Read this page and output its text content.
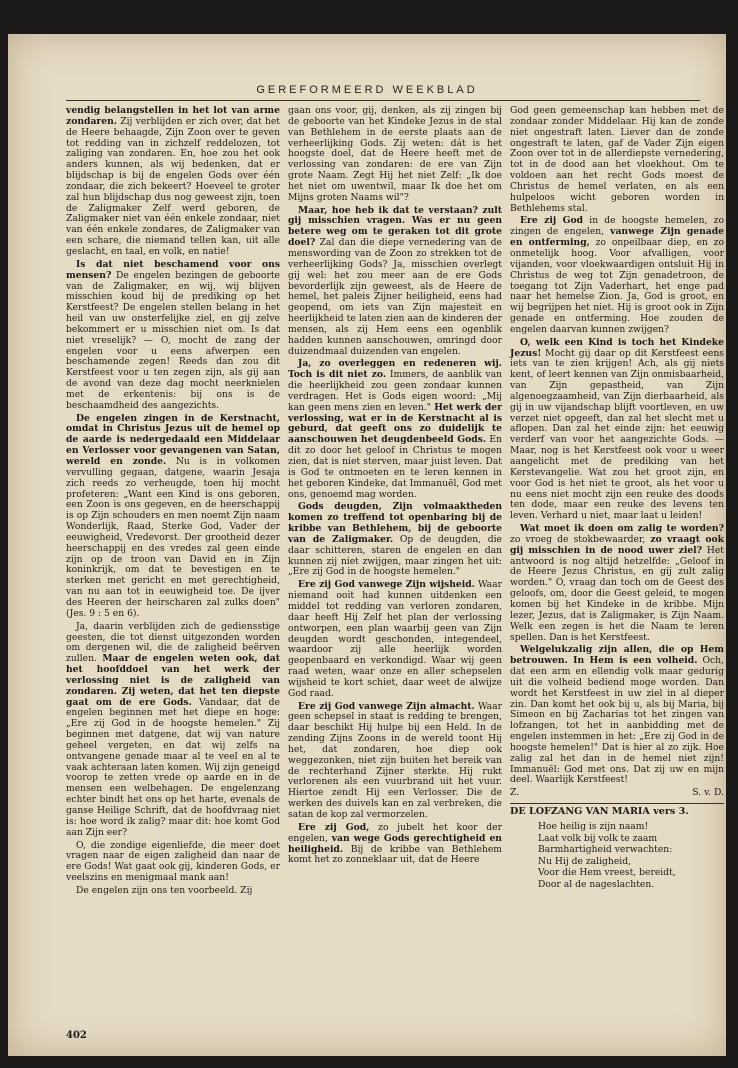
GEREFORMEERD WEEKBLAD

vendig belangstellen in het lot van arme zondaren. Zij verblijden er zich over, dat het de Heere behaagde, Zijn Zoon over te geven tot redding van in zichzelf reddelozen, tot zaliging van zondaren. En, hoe zou het ook anders kunnen, als wij bedenken, dat er blijdschap is bij de engelen Gods over één zondaar, die zich bekeert? Hoeveel te groter zal hun blijdschap dus nog geweest zijn, toen de Zaligmaker Zelf werd geboren, de Zaligmaker niet van één enkele zondaar, niet van één enkele zondares, de Zaligmaker van een schare, die niemand tellen kan, uit alle geslacht, en taal, en volk, en natie!

Is dat niet beschamend voor ons mensen? De engelen bezingen de geboorte van de Zaligmaker, en wij, wij blijven misschien koud bij de prediking op het Kerstfeest? De engelen stellen belang in het heil van uw onsterfelijke ziel, en gij zelve bekommert er u misschien niet om. Is dat niet vreselijk? — O, mocht de zang der engelen voor u eens afwerpen een beschamende zegen! Reeds dan zou dit Kerstfeest voor u ten zegen zijn, als gij aan de avond van deze dag mocht neerknielen met de erkentenis: bij ons is de beschaamdheid des aangezichts.

De engelen zingen in de Kerstnacht, omdat in Christus Jezus uit de hemel op de aarde is nedergedaald een Middelaar en Verlosser voor gevangenen van Satan, wereld en zonde. Nu is in volkomen vervulling gegaan, datgene, waarin Jesaja zich reeds zo verheugde, toen hij mocht profeteren: „Want een Kind is ons geboren, een Zoon is ons gegeven, en de heerschappij is op Zijn schouders en men noemt Zijn naam Wonderlijk, Raad, Sterke God, Vader der eeuwigheid, Vredevorst. Der grootheid dezer heerschappij en des vredes zal geen einde zijn op de troon van David en in Zijn koninkrijk, om dat te bevestigen en te sterken met gericht en met gerechtigheid, van nu aan tot in eeuwigheid toe. De ijver des Heeren der heirscharen zal zulks doen" (Jes. 9 : 5 en 6).

Ja, daarin verblijden zich de gediensstige geesten, die tot dienst uitgezonden worden om dergenen wil, die de zaligheid beërven zullen. Maar de engelen weten ook, dat het hoofddoel van het werk der verlossing niet is de zaligheid van zondaren. Zij weten, dat het ten diepste gaat om de ere Gods. Vandaar, dat de engelen beginnen met het diepe en hoge: „Ere zij God in de hoogste hemelen." Zij beginnen met datgene, dat wij van nature geheel vergeten, en dat wij zelfs na ontvangene genade maar al te veel en al te vaak achteraan laten komen. Wij zijn geneigd vooroр te zetten vrede op aarde en in de mensen een welbehagen. De engelenzang echter bindt het ons op het harte, evenals de ganse Heilige Schrift, dat de hoofdvraag niet is: hoe word ik zalig? maar dit: hoe komt God aan Zijn eer?

O, die zondige eigenliefde, die meer doet vragen naar de eigen zaligheid dan naar de ere Gods! Wat gaat ook gij, kinderen Gods, er veelszins en menigmaal mank aan!

De engelen zijn ons ten voorbeeld. Zij

gaan ons voor, gij, denken, als zij zingen bij de geboorte van het Kindeke Jezus in de stal van Bethlehem in de eerste plaats aan de verheerlijking Gods. Zij weten: dát is het hoogste doel, dat de Heere heeft met de verlossing van zondaren: de ere van Zijn grote Naam. Zegt Hij het niet Zelf: „Ik doe het niet om uwentwil, maar Ik doe het om Mijns groten Naams wil"?

Maar, hoe heb ik dat te verstaan? zult gij misschien vragen. Was er nu geen betere weg om te geraken tot dit grote doel? Zal dan die diepe vernedering van de menswording van de Zoon zo strekken tot de verheerlijking Gods? Ja, misschien overlegt gij wel: het zou meer aan de ere Gods bevorderlijk zijn geweest, als de Heere de hemel, het paleis Zijner heiligheid, eens had geopend, om iets van Zijn majesteit en heerlijkheid te laten zien aan de kinderen der mensen, als zij Hem eens een ogenblik hadden kunnen aanschouwen, omringd door duizendmaal duizenden van engelen.

Ja, zo overleggen en redeneren wij. Toch is dit niet zo. Immers, de aanblik van die heerlijkheid zou geen zondaar kunnen verdragen. Het is Gods eigen woord: „Mij kan geen mens zien en leven." Het werk der verlossing, wat er in de Kerstnacht al is geburd, dat geeft ons zo duidelijk te aanschouwen het deugdenbeeld Gods. En dit zo door het geloof in Christus te mogen zien, dat is niet sterven, maar juist leven. Dat is God te ontmoeten en te leren kennen in het geboren Kindeke, dat Immanuël, God met ons, genoemd mag worden.

Gods deugden, Zijn volmaaktheden komen zo treffend tot openbaring bij de kribbe van Bethlehem, bij de geboorte van de Zaligmaker. Op de deugden, die daar schitteren, staren de engelen en dan kunnen zij niet zwijgen, maar zingen het uit: „Ere zij God in de hoogste hemelen."

Ere zij God vanwege Zijn wijsheid. Waar niemand ooit had kunnen uitdenken een middel tot redding van verloren zondaren, daar heeft Hij Zelf het plan der verlossing ontworpen, een plan waarbij geen van Zijn deugden wordt geschonden, integendeel, waardoor zij alle heerlijk worden geopenbaard en verkondigd. Waar wij geen raad weten, waar onze en aller schepselen wijsheid te kort schiet, daar weet de alwijze God raad.

Ere zij God vanwege Zijn almacht. Waar geen schepsel in staat is redding te brengen, daar beschikt Hij hulpe bij een Held. In de zending Zijns Zoons in de wereld toont Hij het, dat zondaren, hoe diep ook weggezonken, niet zijn buiten het bereik van de rechterhand Zijner sterkte. Hij rukt verlorenen als een vuurbrand uit het vuur. Hiertoe zendt Hij een Verlosser. Die de werken des duivels kan en zal verbreken, die satan de kop zal vermorzelen.

Ere zij God, zo jubelt het koor der engelen, van wege Gods gerechtigheid en heiligheid. Bij de kribbe van Bethlehem komt het zo zonneklaar uit, dat de Heere

God geen gemeenschap kan hebben met de zondaar zonder Middelaar. Hij kan de zonde niet ongestraft laten. Liever dan de zonde ongestraft te laten, gaf de Vader Zijn eigen Zoon over tot in de allerdiepste vernedering, tot in de dood aan het vloekhout. Om te voldoen aan het recht Gods moest de Christus de hemel verlaten, en als een hulpeloos wicht geboren worden in Bethlehems stal.

Ere zij God in de hoogste hemelen, zo zingen de engelen, vanwege Zijn genade en ontferming, zo onpeilbaar diep, en zo onmetelijk hoog. Voor afvalligen, voor vijanden, voor vloekwaardigen ontsluit Hij in Christus de weg tot Zijn genadetroon, de toegang tot Zijn Vaderhart, het enge pad naar het hemelse Zion. Ja, God is groot, en wij begrijpen het niet. Hij is groot ook in Zijn genade en ontferming. Hoe zouden de engelen daarvan kunnen zwijgen?

O, welk een Kind is toch het Kindeke Jezus! Mocht gij daar op dit Kerstfeest eens iets van te zien krijgen! Ach, als gij niets kent, of leert kennen van Zijn onmisbaarheid, van Zijn gepastheid, van Zijn algenoegzaamheid, van Zijn dierbaarheid, als gij in uw vijandschap blijft voortleven, en uw verzet niet opgeeft, dan zal het slecht met u aflopen. Dan zal het einde zijn: het eeuwig verderf van voor het aangezichte Gods. — Maar, nog is het Kerstfeest ook voor u weer aangelicht met de prediking van het Kerstevangelie. Wat zou het groot zijn, en voor God is het niet te groot, als het voor u nu eens niet mocht zijn een reuke des doods ten dode, maar een reuke des levens ten leven. Verhard u niet, maar laat u leiden!

Wat moet ik doen om zalig te worden? zo vroeg de stokbewaarder, zo vraagt ook gij misschien in de nood uwer ziel? Het antwoord is nog altijd hetzelfde: „Geloof in de Heere Jezus Christus, en gij zult zalig worden." O, vraag dan toch om de Geest des geloofs, om, door die Geest geleid, te mogen komen bij het Kindeke in de kribbe. Mijn lezer, Jezus, dat is Zaligmaker, is Zijn Naam. Welk een zegen is het die Naam te leren spellen. Dan is het Kerstfeest.

Welgelukzalig zijn allen, die op Hem betrouwen. In Hem is een volheid. Och, dat een arm en ellendig volk maar gedurig uit die volheid bediend moge worden. Dan wordt het Kerstfeest in uw ziel in al dieper zin. Dan komt het ook bij u, als bij Maria, bij Simeon en bij Zacharias tot het zingen van lofzangen, tot het in aanbidding met de engelen instemmen in het: „Ere zij God in de hoogste hemelen!" Dat is hier al zo zijk. Hoe zalig zal het dan in de hemel niet zijn! Immanuël: God met ons. Dat zij uw en mijn deel. Waarlijk Kerstfeest!

Z.	S. v. D.
DE LOFZANG VAN MARIA vers 3.
Hoe heilig is zijn naam!
Laat volk bij volk te zaam
Barmhartigheid verwachten:
Nu Hij de zaligheid,
Voor die Hem vreest, bereidt,
Door al de nageslachten.
402
